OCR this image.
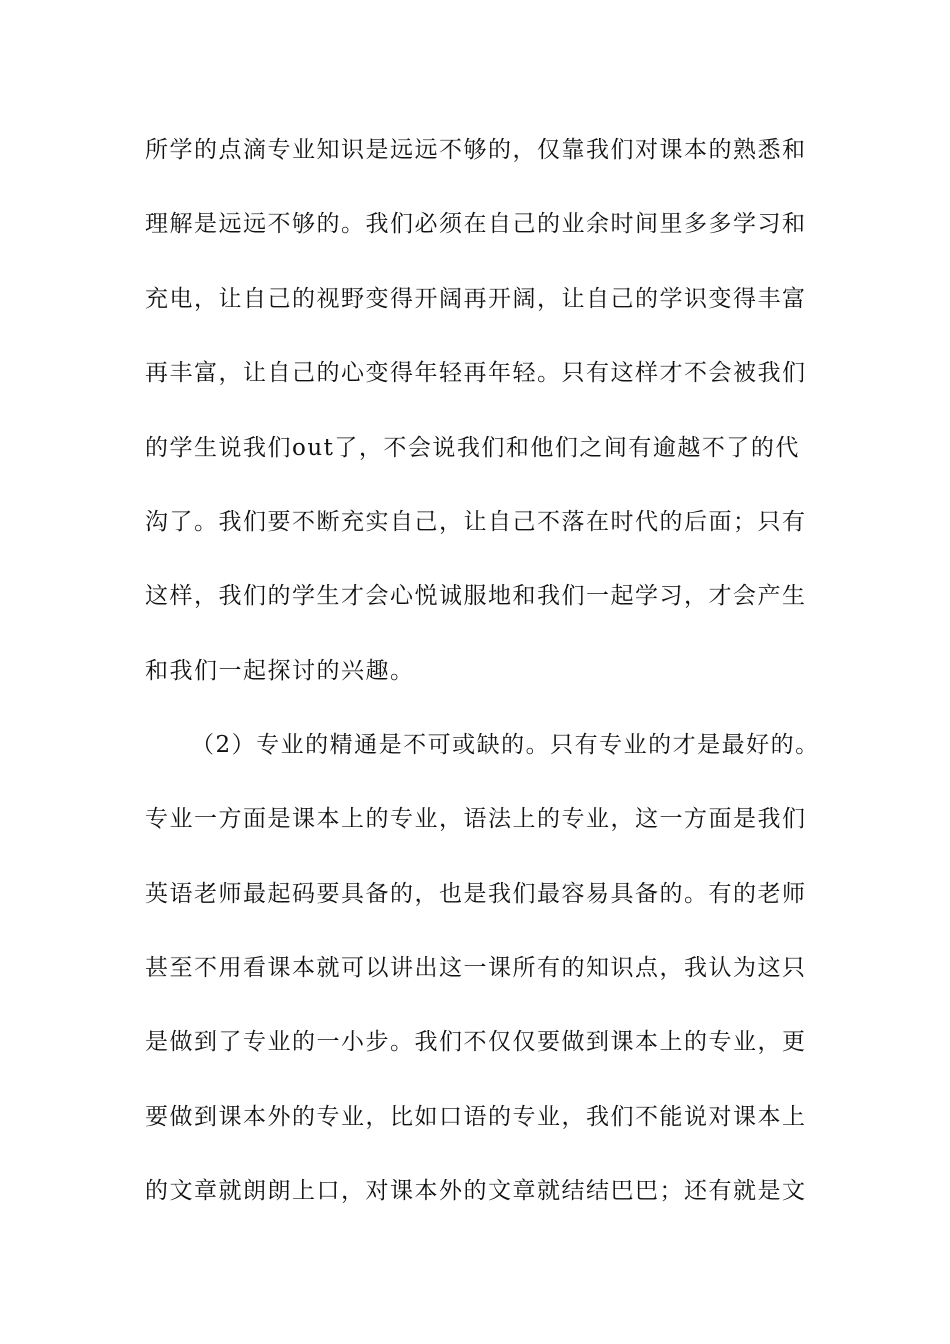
所学的点滴专业知识是远远不够的，仅靠我们对课本的熟悉和
理解是远远不够的。我们必须在自己的业余时间里多多学习和
充电，让自己的视野变得开阔再开阔，让自己的学识变得丰富
再丰富，让自己的心变得年轻再年轻。只有这样才不会被我们
的学生说我们out了，不会说我们和他们之间有逾越不了的代
沟了。我们要不断充实自己，让自己不落在时代的后面；只有
这样，我们的学生才会心悦诚服地和我们一起学习，才会产生
和我们一起探讨的兴趣。
（2）专业的精通是不可或缺的。只有专业的才是最好的。
专业一方面是课本上的专业，语法上的专业，这一方面是我们
英语老师最起码要具备的，也是我们最容易具备的。有的老师
甚至不用看课本就可以讲出这一课所有的知识点，我认为这只
是做到了专业的一小步。我们不仅仅要做到课本上的专业，更
要做到课本外的专业，比如口语的专业，我们不能说对课本上
的文章就朗朗上口，对课本外的文章就结结巴巴；还有就是文
